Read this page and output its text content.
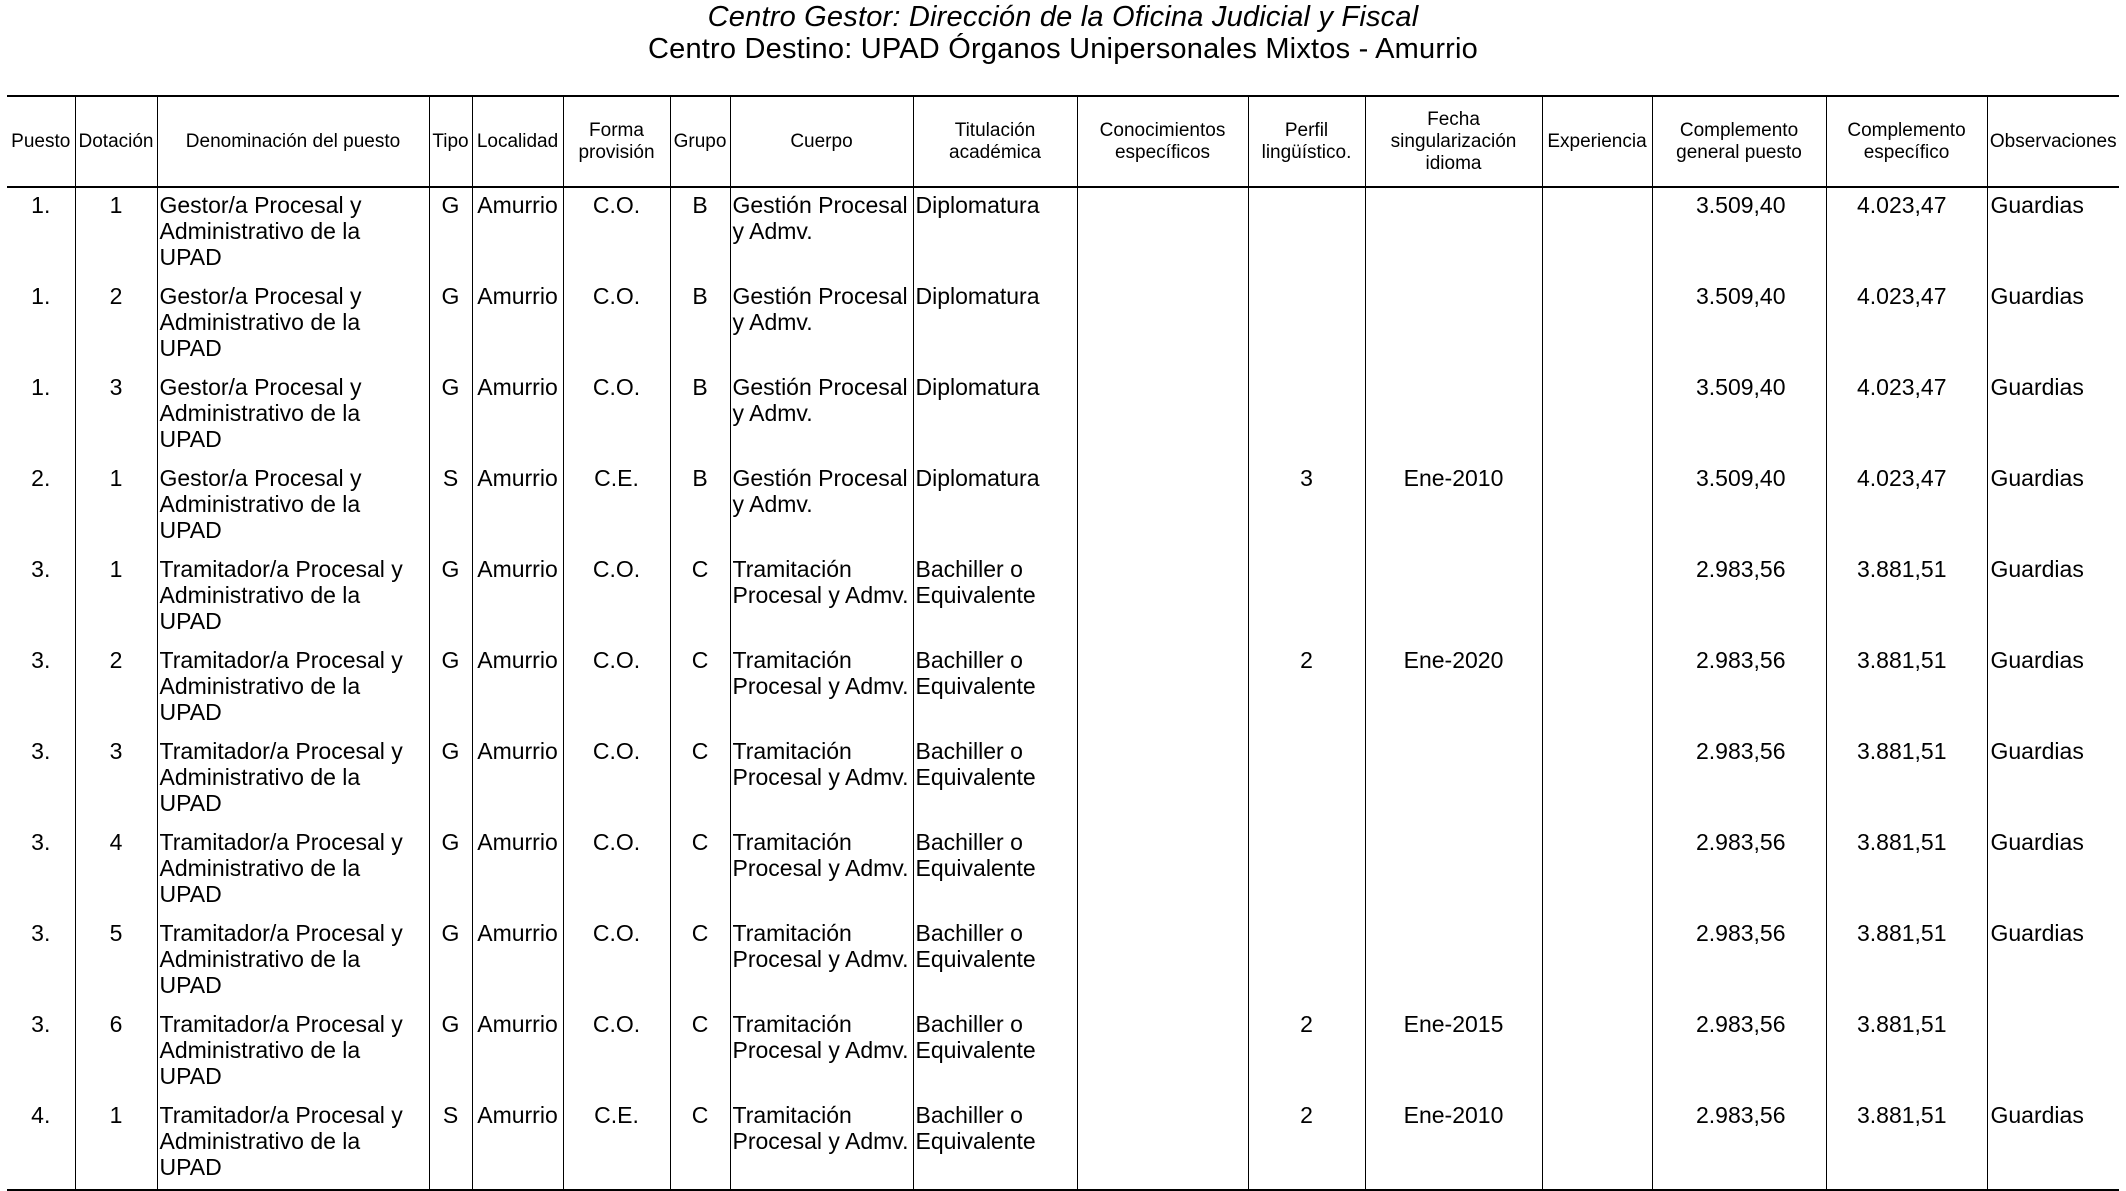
Centro Gestor: Dirección de la Oficina Judicial y Fiscal
Centro Destino: UPAD Órganos Unipersonales Mixtos - Amurrio
Puesto	Dotación	Denominación del puesto	Tipo	Localidad	Forma provisión	Grupo	Cuerpo	Titulación académica	Conocimientos específicos	Perfil lingüístico.	Fecha singularización idioma	Experiencia	Complemento general puesto	Complemento específico	Observaciones
1.	1	Gestor/a Procesal y Administrativo de la UPAD	G	Amurrio	C.O.	B	Gestión Procesal y Admv.	Diplomatura					3.509,40	4.023,47	Guardias
1.	2	Gestor/a Procesal y Administrativo de la UPAD	G	Amurrio	C.O.	B	Gestión Procesal y Admv.	Diplomatura					3.509,40	4.023,47	Guardias
1.	3	Gestor/a Procesal y Administrativo de la UPAD	G	Amurrio	C.O.	B	Gestión Procesal y Admv.	Diplomatura					3.509,40	4.023,47	Guardias
2.	1	Gestor/a Procesal y Administrativo de la UPAD	S	Amurrio	C.E.	B	Gestión Procesal y Admv.	Diplomatura		3	Ene-2010		3.509,40	4.023,47	Guardias
3.	1	Tramitador/a Procesal y Administrativo de la UPAD	G	Amurrio	C.O.	C	Tramitación Procesal y Admv.	Bachiller o Equivalente					2.983,56	3.881,51	Guardias
3.	2	Tramitador/a Procesal y Administrativo de la UPAD	G	Amurrio	C.O.	C	Tramitación Procesal y Admv.	Bachiller o Equivalente		2	Ene-2020		2.983,56	3.881,51	Guardias
3.	3	Tramitador/a Procesal y Administrativo de la UPAD	G	Amurrio	C.O.	C	Tramitación Procesal y Admv.	Bachiller o Equivalente					2.983,56	3.881,51	Guardias
3.	4	Tramitador/a Procesal y Administrativo de la UPAD	G	Amurrio	C.O.	C	Tramitación Procesal y Admv.	Bachiller o Equivalente					2.983,56	3.881,51	Guardias
3.	5	Tramitador/a Procesal y Administrativo de la UPAD	G	Amurrio	C.O.	C	Tramitación Procesal y Admv.	Bachiller o Equivalente					2.983,56	3.881,51	Guardias
3.	6	Tramitador/a Procesal y Administrativo de la UPAD	G	Amurrio	C.O.	C	Tramitación Procesal y Admv.	Bachiller o Equivalente		2	Ene-2015		2.983,56	3.881,51	
4.	1	Tramitador/a Procesal y Administrativo de la UPAD	S	Amurrio	C.E.	C	Tramitación Procesal y Admv.	Bachiller o Equivalente		2	Ene-2010		2.983,56	3.881,51	Guardias
